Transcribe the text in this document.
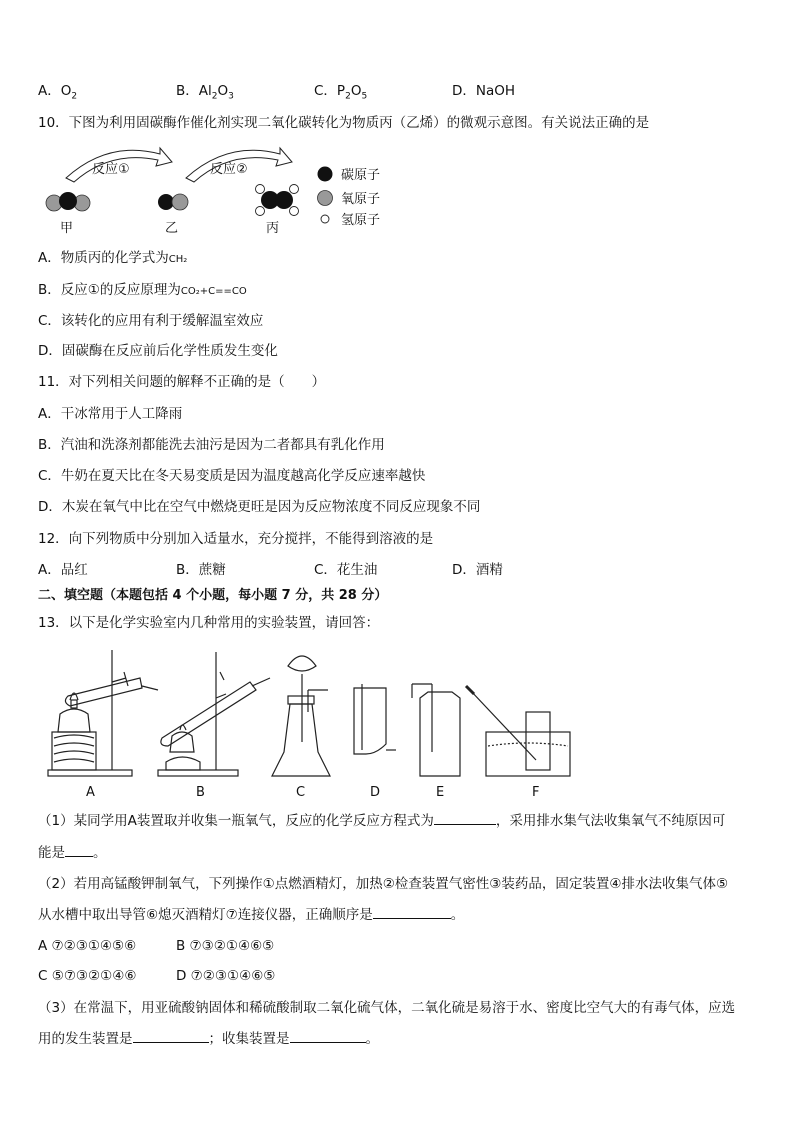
A．$O_2$	B．$Al_2O_3$	C．$P_2O_5$	D．NaOH
10．下图为利用固碳酶作催化剂实现二氧化碳转化为物质丙（乙烯）的微观示意图。有关说法正确的是
反应①	反应②
甲	乙	丙
碳原子
氧原子
氢原子
A．物质丙的化学式为CH₂
B．反应①的反应原理为CO₂+C==CO
C．该转化的应用有利于缓解温室效应
D．固碳酶在反应前后化学性质发生变化
11．对下列相关问题的解释不正确的是（　　）
A．干冰常用于人工降雨
B．汽油和洗涤剂都能洗去油污是因为二者都具有乳化作用
C．牛奶在夏天比在冬天易变质是因为温度越高化学反应速率越快
D．木炭在氧气中比在空气中燃烧更旺是因为反应物浓度不同反应现象不同
12．向下列物质中分别加入适量水，充分搅拌，不能得到溶液的是
A．品红	B．蔗糖	C．花生油	D．酒精
二、填空题（本题包括 4 个小题，每小题 7 分，共 28 分）
13．以下是化学实验室内几种常用的实验装置，请回答：
A	B	C	D	E	F
（1）某同学用A装置取并收集一瓶氧气，反应的化学反应方程式为	，采用排水集气法收集氧气不纯原因可
能是 。
（2）若用高锰酸钾制氧气，下列操作①点燃酒精灯，加热②检查装置气密性③装药品，固定装置④排水法收集气体⑤
从水槽中取出导管⑥熄灭酒精灯⑦连接仪器，正确顺序是	。
A ⑦②③①④⑤⑥	B ⑦③②①④⑥⑤
C ⑤⑦③②①④⑥	D ⑦②③①④⑥⑤
（3）在常温下，用亚硫酸钠固体和稀硫酸制取二氧化硫气体，二氧化硫是易溶于水、密度比空气大的有毒气体，应选
用的发生装置是	；收集装置是	。
